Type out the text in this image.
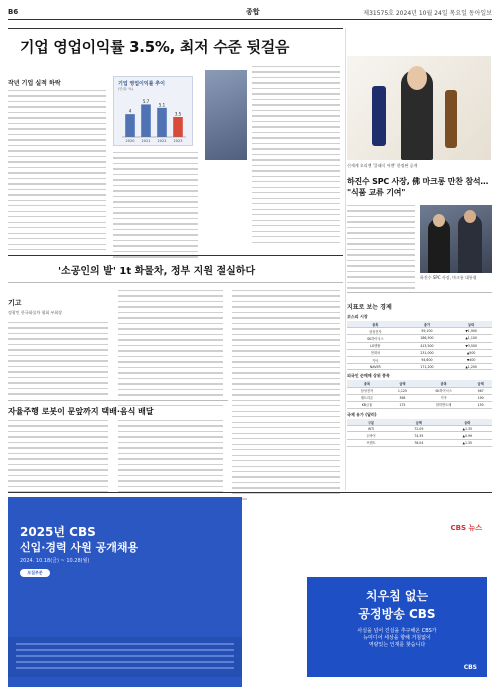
B6	종합	제31575호 2024년 10월 24일 목요일 동아일보
기업 영업이익률 3.5%, 최저 수준 뒷걸음
작년 기업 실적 하락	기업 영업이익률 추이
(단위: %)
4
2020
5.7
2021
5.1
2022
3.5
2023
신세계 오리젠 '클래식 어젠' 한정판 공개
하진수 SPC 사장, 佛 마크롱 만찬 참석… "식품 교류 기여"
하진수 SPC 사장, 마크롱 대통령
'소공인의 발' 1t 화물차, 정부 지원 절실하다
기고
정광민 한국화물차 협회 부회장
자율주행 로봇이 문앞까지 택배·음식 배달
지표로 보는 경제
코스피 시장
종목	종가	등락
삼성전자	59,100	▼1,900
SK하이닉스	186,500	▲1,100
LG엔솔	413,500	▼3,500
현대차	231,000	▲500
기아	94,600	▼400
NAVER	171,200	▲1,200
외국인 순매매 상위 종목
종목	금액	종목	금액
삼성전자	1,125	SK하이닉스	567
셀트리온	398	기아	190
KB금융	175	한미반도체	150
국제 유가 (달러)
구분	금액	등락
WTI	72.09	▲1.35
두바이	74.35	▲0.99
브렌트	76.04	▲1.35
2025년 CBS
신입·경력 사원 공개채용
2024. 10.18(금) ~ 10.28(월)
모집부문
CBS 뉴스
치우침 없는
공정방송 CBS
사실을 넘어 진실을 추구해온 CBS가
뉴미디어 세상을 향해 거침없이
역량있는 인재를 찾습니다
CBS
